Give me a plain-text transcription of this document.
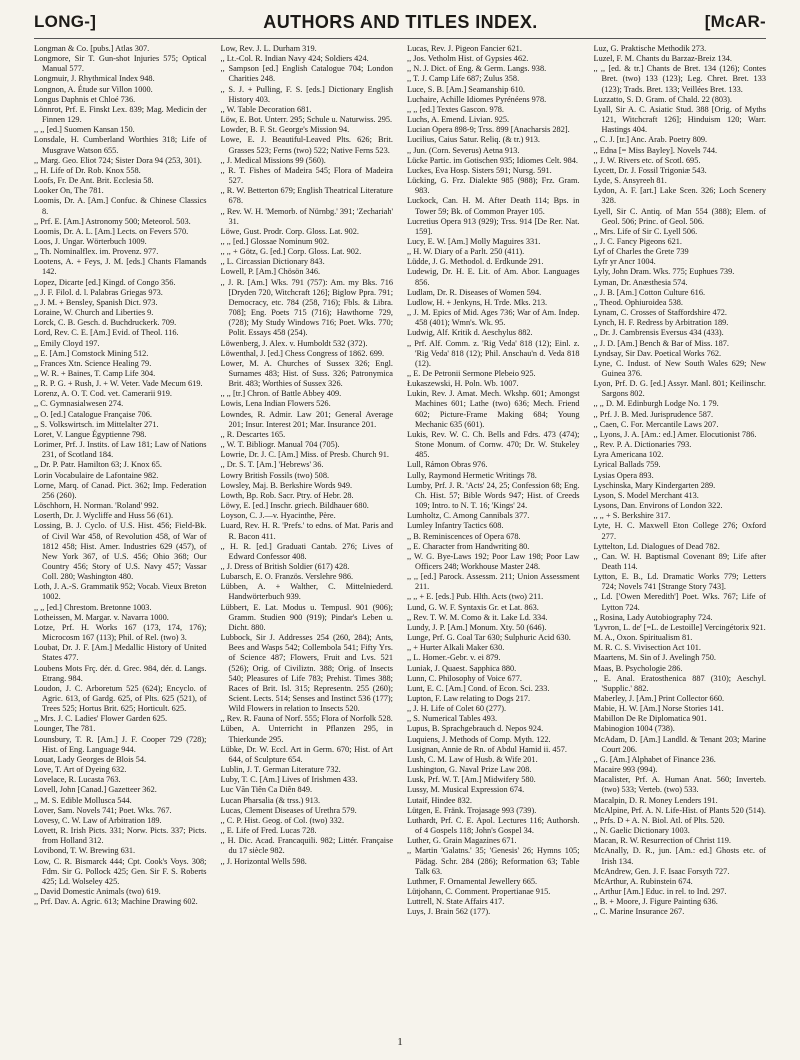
LONG-]	AUTHORS AND TITLES INDEX.	[McAR-
Longman & Co. [pubs.] Atlas 307.
Longmore, Sir T. Gun-shot Injuries 575; Optical Manual 577.
Longmuir, J. Rhythmical Index 948.
Longnon, A. Étude sur Villon 1000.
Longus Daphnis et Chloé 736.
Lönnrot, Prf. E. Finskt Lex. 839; Mag. Medicin der Finnen 129.
,, ,, [ed.] Suomen Kansan 150.
Lonsdale, H. Cumberland Worthies 318; Life of Musgrave Watson 655.
,, Marg. Geo. Eliot 724; Sister Dora 94 (253, 301).
,, H. Life of Dr. Rob. Knox 558.
Loofs, Fr. De Ant. Brit. Ecclesia 58.
Looker On, The 781.
Loomis, Dr. A. [Am.] Confuc. & Chinese Classics 8.
,, Prf. E. [Am.] Astronomy 500; Meteorol. 503.
Loomis, Dr. A. L. [Am.] Lects. on Fevers 570.
Loos, J. Ungar. Wörterbuch 1009.
,, Th. Nominalflex. im. Provenz. 977.
Lootens, A. + Feys, J. M. [eds.] Chants Flamands 142.
Lopez, Dicarte [ed.] Kingd. of Congo 356.
,, J. F. Filol. d. l. Palabras Griegas 973.
,, J. M. + Bensley, Spanish Dict. 973.
Loraine, W. Church and Liberties 9.
Lorck, C. B. Gesch. d. Buchdruckerk. 709.
Lord, Rev. C. E. [Am.] Evid. of Theol. 116.
,, Emily Cloyd 197.
,, E. [Am.] Comstock Mining 512.
,, Frances Xtn. Science Healing 79.
,, W. R. + Baines, T. Camp Life 304.
,, R. P. G. + Rush, J. + W. Veter. Vade Mecum 619.
Lorenz, A. O. T. Cod. vet. Camerarii 919.
,, C. Gymnasialwesen 274.
,, O. [ed.] Catalogue Française 706.
,, S. Volkswirtsch. im Mittelalter 271.
Loret, V. Langue Égyptienne 798.
Lorimer, Prf. J. Instits. of Law 181; Law of Nations 231, of Scotland 184.
,, Dr. P. Patr. Hamilton 63; J. Knox 65.
Lorin Vocabulaire de Lafontaine 982.
Lorne, Marq. of Canad. Pict. 362; Imp. Federation 256 (260).
Löschhorn, H. Norman. 'Roland' 992.
Loserth, Dr. J. Wycliffe and Huss 56 (61).
Lossing, B. J. Cyclo. of U.S. Hist. 456; Field-Bk. of Civil War 458, of Revolution 458, of War of 1812 458; Hist. Amer. Industries 629 (457), of New York 367, of U.S. 456; Ohio 368; Our Country 456; Story of U.S. Navy 457; Vassar Coll. 280; Washington 480.
Loth, J. A.-S. Grammatik 952; Vocab. Vieux Breton 1002.
,, ,, [ed.] Chrestom. Bretonne 1003.
Lotheissen, M. Margar. v. Navarra 1000.
Lotze, Prf. H. Works 167 (173, 174, 176); Microcosm 167 (113); Phil. of Rel. (two) 3.
Loubat, Dr. J. F. [Am.] Medallic History of United States 477.
Loubens Mots Frç. dér. d. Grec. 984, dér. d. Langs. Etrang. 984.
Loudon, J. C. Arboretum 525 (624); Encyclo. of Agric. 613, of Gardg. 625, of Plts. 625 (521), of Trees 525; Hortus Brit. 625; Horticult. 625.
,, Mrs. J. C. Ladies' Flower Garden 625.
Lounger, The 781.
Lounsbury, T. R. [Am.] J. F. Cooper 729 (728); Hist. of Eng. Language 944.
Louat, Lady Georges de Blois 54.
Love, T. Art of Dyeing 632.
Lovelace, R. Lucasta 763.
Lovell, John [Canad.] Gazetteer 362.
,, M. S. Edible Mollusca 544.
Lover, Sam. Novels 741; Poet. Wks. 767.
Lovesy, C. W. Law of Arbitration 189.
Lovett, R. Irish Picts. 331; Norw. Picts. 337; Picts. from Holland 312.
Lovibond, T. W. Brewing 631.
Low, C. R. Bismarck 444; Cpt. Cook's Voys. 308; Fdm. Sir G. Pollock 425; Gen. Sir F. S. Roberts 425; Ld. Wolseley 425.
,, David Domestic Animals (two) 619.
,, Prf. Dav. A. Agric. 613; Machine Drawing 602.
Low, Rev. J. L. Durham 319.
,, Lt.-Col. R. Indian Navy 424; Soldiers 424.
,, Sampson [ed.] English Catalogue 704; London Charities 248.
,, S. J. + Pulling, F. S. [eds.] Dictionary English History 403.
,, W. Table Decoration 681.
Löw, E. Bot. Unterr. 295; Schule u. Naturwiss. 295.
Lowder, B. F. St. George's Mission 94.
Lowe, E. J. Beautiful-Leaved Plts. 626; Brit. Grasses 523; Ferns (two) 522; Native Ferns 523.
,, J. Medical Missions 99 (560).
,, R. T. Fishes of Madeira 545; Flora of Madeira 527.
,, R. W. Betterton 679; English Theatrical Literature 678.
,, Rev. W. H. 'Memorb. of Nürnbg.' 391; 'Zechariah' 31.
Löwe, Gust. Prodr. Corp. Gloss. Lat. 902.
,, ,, [ed.] Glossae Nominum 902.
,, ,, + Götz, G. [ed.] Corp. Gloss. Lat. 902.
,, L. Circassian Dictionary 843.
Lowell, P. [Am.] Chösön 346.
,, J. R. [Am.] Wks. 791 (757): Am. my Bks. 716 [Dryden 720, Witchcraft 126]; Biglow Ppra. 791; Democracy, etc. 784 (258, 716); Fbls. & Libra. 708]; Eng. Poets 715 (716); Hawthorne 729, (728); My Study Windows 716; Poet. Wks. 770; Polit. Essays 458 (254).
Löwenberg, J. Alex. v. Humboldt 532 (372).
Löwenthal, J. [ed.] Chess Congress of 1862. 699.
Lower, M. A. Churches of Sussex 326; Engl. Surnames 483; Hist. of Suss. 326; Patronymica Brit. 483; Worthies of Sussex 326.
,, ,, [tr.] Chron. of Battle Abbey 409.
Lowis, Lena Indian Flowers 526.
Lowndes, R. Admir. Law 201; General Average 201; Insur. Interest 201; Mar. Insurance 201.
,, R. Descartes 165.
,, W. T. Bibliogr. Manual 704 (705).
Lowrie, Dr. J. C. [Am.] Miss. of Presb. Church 91.
,, Dr. S. T. [Am.] 'Hebrews' 36.
Lowry British Fossils (two) 508.
Lowsley, Maj. B. Berkshire Words 949.
Lowth, Bp. Rob. Sacr. Ptry. of Hebr. 28.
Löwy, E. [ed.] Inschr. griech. Bildhauer 680.
Loyson, C. J.—v. Hyacinthe, Père.
Luard, Rev. H. R. 'Prefs.' to edns. of Mat. Paris and R. Bacon 411.
,, H. R. [ed.] Graduati Cantab. 276; Lives of Edward Confessor 408.
,, J. Dress of British Soldier (617) 428.
Lubarsch, E. O. Französ. Verslehre 986.
Lübben, A. + Walther, C. Mittelniederd. Handwörterbuch 939.
Lübbert, E. Lat. Modus u. Tempusl. 901 (906); Gramm. Studien 900 (919); Pindar's Leben u. Dicht. 880.
Lubbock, Sir J. Addresses 254 (260, 284); Ants, Bees and Wasps 542; Collembola 541; Fifty Yrs. of Science 487; Flowers, Fruit and Lvs. 521 (526); Orig. of Civiliztn. 388; Orig. of Insects 540; Pleasures of Life 783; Prehist. Times 388; Races of Brit. Isl. 315; Representn. 255 (260); Scient. Lects. 514; Senses and Instinct 536 (177); Wild Flowers in relation to Insects 520.
,, Rev. R. Fauna of Norf. 555; Flora of Norfolk 528.
Lüben, A. Unterricht in Pflanzen 295, in Thierkunde 295.
Lübke, Dr. W. Eccl. Art in Germ. 670; Hist. of Art 644, of Sculpture 654.
Lublin, J. T. German Literature 732.
Luby, T. C. [Am.] Lives of Irishmen 433.
Luc Văn Tiên Ca Diên 849.
Lucan Pharsalia (& trss.) 913.
Lucas, Clement Diseases of Urethra 579.
,, C. P. Hist. Geog. of Col. (two) 332.
,, E. Life of Fred. Lucas 728.
,, H. Dic. Acad. Francaquili. 982; Littér. Française du 17 siècle 982.
,, J. Horizontal Wells 598.
Lucas, Rev. J. Pigeon Fancier 621.
,, Jos. Vetholm Hist. of Gypsies 462.
,, N. J. Dict. of Eng. & Germ. Langs. 938.
,, T. J. Camp Life 687; Zulus 358.
Luce, S. B. [Am.] Seamanship 610.
Luchaire, Achille Idiomes Pyrénéens 978.
,, ,, [ed.] Textes Gascon. 978.
Luchs, A. Emend. Livian. 925.
Lucian Opera 898-9; Trss. 899 [Anacharsis 282].
Lucilius, Caius Satur. Reliq. (& tr.) 913.
,, Jun. (Corn. Severus) Aetna 913.
Lücke Partic. im Gotischen 935; Idiomes Celt. 984.
Luckes, Eva Hosp. Sisters 591; Nursg. 591.
Lücking, G. Frz. Dialekte 985 (988); Frz. Gram. 983.
Luckock, Can. H. M. After Death 114; Bps. in Tower 59; Bk. of Common Prayer 105.
Lucretius Opera 913 (929); Trss. 914 [De Rer. Nat. 159].
Lucy, E. W. [Am.] Molly Maguires 331.
,, H. W. Diary of a Parlt. 250 (411).
Lüdde, J. G. Methodol. d. Erdkunde 291.
Ludewig, Dr. H. E. Lit. of Am. Abor. Languages 856.
Ludlam, Dr. R. Diseases of Women 594.
Ludlow, H. + Jenkyns, H. Trde. Mks. 213.
,, J. M. Epics of Mid. Ages 736; War of Am. Indep. 458 (401); Wmn's. Wk. 95.
Ludwig, Alf. Kritik d. Aeschylus 882.
,, Prf. Alf. Comm. z. 'Rig Veda' 818 (12); Einl. z. 'Rig Veda' 818 (12); Phil. Anschau'n d. Veda 818 (12).
,, E. De Petronii Sermone Plebeio 925.
Łukaszewski, H. Poln. Wb. 1007.
Lukin, Rev. J. Amat. Mech. Wkshp. 601; Amongst Machines 601; Lathe (two) 636; Mech. Friend 602; Picture-Frame Making 684; Young Mechanic 635 (601).
Lukis, Rev. W. C. Ch. Bells and Fdrs. 473 (474); Stone Monum. of Cornw. 470; Dr. W. Stukeley 485.
Lull, Rámon Obras 976.
Lully, Raymond Hermetic Writings 78.
Lumby, Prf. J. R. 'Acts' 24, 25; Confession 68; Eng. Ch. Hist. 57; Bible Words 947; Hist. of Creeds 109; Intro. to N. T. 16; 'Kings' 24.
Lumholtz, C. Among Cannibals 377.
Lumley Infantry Tactics 608.
,, B. Reminiscences of Opera 678.
,, E. Character from Handwriting 80.
,, W. G. Bye-Laws 192; Poor Law 198; Poor Law Officers 248; Workhouse Master 248.
,, ,, [ed.] Parock. Assessm. 211; Union Assessment 211.
,, ,, + E. [eds.] Pub. Hlth. Acts (two) 211.
Lund, G. W. F. Syntaxis Gr. et Lat. 863.
,, Rev. T. W. M. Como & it. Lake Ld. 334.
Lundy, J. P. [Am.] Monum. Xty. 50 (646).
Lunge, Prf. G. Coal Tar 630; Sulphuric Acid 630.
,, + Hurter Alkali Maker 630.
,, L. Homer.-Gebr. v. ei 879.
Luniak, J. Quaest. Sapphica 880.
Lunn, C. Philosophy of Voice 677.
Lunt, E. C. [Am.] Cond. of Econ. Sci. 233.
Lupton, F. Law relating to Dogs 217.
,, J. H. Life of Colet 60 (277).
,, S. Numerical Tables 493.
Lupus, B. Sprachgebrauch d. Nepos 924.
Luquiens, J. Methods of Comp. Myth. 122.
Lusignan, Annie de Rn. of Abdul Hamid ii. 457.
Lush, C. M. Law of Husb. & Wife 201.
Lushington, G. Naval Prize Law 208.
Lusk, Prf. W. T. [Am.] Midwifery 580.
Lussy, M. Musical Expression 674.
Lutaif, Hindee 832.
Lütgen, E. Fränk. Trojasage 993 (739).
Luthardt, Prf. C. E. Apol. Lectures 116; Authorsh. of 4 Gospels 118; John's Gospel 34.
Luther, G. Grain Magazines 671.
,, Martin 'Galatns.' 35; 'Genesis' 26; Hymns 105; Pädag. Schr. 284 (286); Reformation 63; Table Talk 63.
Luthmer, F. Ornamental Jewellery 665.
Lütjohann, C. Comment. Propertianae 915.
Luttrell, N. State Affairs 417.
Luys, J. Brain 562 (177).
Luz, G. Praktische Methodik 273.
Luzel, F. M. Chants du Barzaz-Breiz 134.
,, ,, [ed. & tr.] Chants de Bret. 134 (126); Contes Bret. (two) 133 (123); Leg. Chret. Bret. 133 (123); Trads. Bret. 133; Veillées Bret. 133.
Luzzatto, S. D. Gram. of Chald. 22 (803).
Lyall, Sir A. C. Asiatic Stud. 388 [Orig. of Myths 121, Witchcraft 126]; Hinduism 120; Warr. Hastings 404.
,, C. J. [tr.] Anc. Arab. Poetry 809.
,, Edna [= Miss Bayley]. Novels 744.
,, J. W. Rivers etc. of Scotl. 695.
Lycett, Dr. J. Fossil Trigoniæ 543.
Lyde, S. Ansyreeh 81.
Lydon, A. F. [art.] Lake Scen. 326; Loch Scenery 328.
Lyell, Sir C. Antiq. of Man 554 (388); Elem. of Geol. 506; Princ. of Geol. 506.
,, Mrs. Life of Sir C. Lyell 506.
,, J. C. Fancy Pigeons 621.
Lyf of Charles the Grete 739
Lyfr yr Ancr 1004.
Lyly, John Dram. Wks. 775; Euphues 739.
Lyman, Dr. Anæsthesia 574.
,, J. B. [Am.] Cotton Culture 616.
,, Theod. Ophiuroidea 538.
Lynam, C. Crosses of Staffordshire 472.
Lynch, H. F. Redress by Arbitration 189.
,, Dr. J. Cambrensis Eversus 434 (433).
,, J. D. [Am.] Bench & Bar of Miss. 187.
Lyndsay, Sir Dav. Poetical Works 762.
Lyne, C. Indust. of New South Wales 629; New Guinea 376.
Lyon, Prf. D. G. [ed.] Assyr. Manl. 801; Keilinschr. Sargons 802.
,, ,, D. M. Edinburgh Lodge No. 1 79.
,, Prf. J. B. Med. Jurisprudence 587.
,, Caen, C. For. Mercantile Laws 207.
,, Lyons, J. A. [Am.: ed.] Amer. Elocutionist 786.
,, Rev. P. A. Dictionaries 793.
Lyra Americana 102.
Lyrical Ballads 759.
Lysias Opera 893.
Lyschinska, Mary Kindergarten 289.
Lyson, S. Model Merchant 413.
Lysons, Dan. Environs of London 322.
,, ,, + S. Berkshire 317.
Lyte, H. C. Maxwell Eton College 276; Oxford 277.
Lyttelton, Ld. Dialogues of Dead 782.
,, Can. W. H. Baptismal Covenant 89; Life after Death 114.
Lytton, E. B., Ld. Dramatic Works 779; Letters 724; Novels 741 [Strange Story 743].
,, Ld. ['Owen Meredith'] Poet. Wks. 767; Life of Lytton 724.
,, Rosina, Lady Autobiography 724.
'Lyvron, L. de' [=L. de Lestoille] Vercingétorix 921.
M. A., Oxon. Spiritualism 81.
M. R. C. S. Vivisection Act 101.
Maartens, M. Sin of J. Avelingh 750.
Maas, B. Psychologie 286.
,, E. Anal. Eratosthenica 887 (310); Aeschyl. 'Supplic.' 882.
Maberley, J. [Am.] Print Collector 660.
Mabie, H. W. [Am.] Norse Stories 141.
Mabillon De Re Diplomatica 901.
Mabinogion 1004 (738).
McAdam, D. [Am.] Landld. & Tenant 203; Marine Court 206.
,, G. [Am.] Alphabet of Finance 236.
Macaire 993 (994).
Macalister, Prf. A. Human Anat. 560; Inverteb. (two) 533; Verteb. (two) 533.
Macalpin, D. R. Money Lenders 191.
McAlpine, Prf. A. N. Life-Hist. of Plants 520 (514).
,, Prfs. D + A. N. Biol. Atl. of Plts. 520.
,, N. Gaelic Dictionary 1003.
Macan, R. W. Resurrection of Christ 119.
McAnally, D. R., jun. [Am.: ed.] Ghosts etc. of Irish 134.
McAndrew, Gen. J. F. Isaac Forsyth 727.
McArthur, A. Rubinstein 674.
,, Arthur [Am.] Educ. in rel. to Ind. 297.
,, B. + Moore, J. Figure Painting 636.
,, C. Marine Insurance 267.
1
